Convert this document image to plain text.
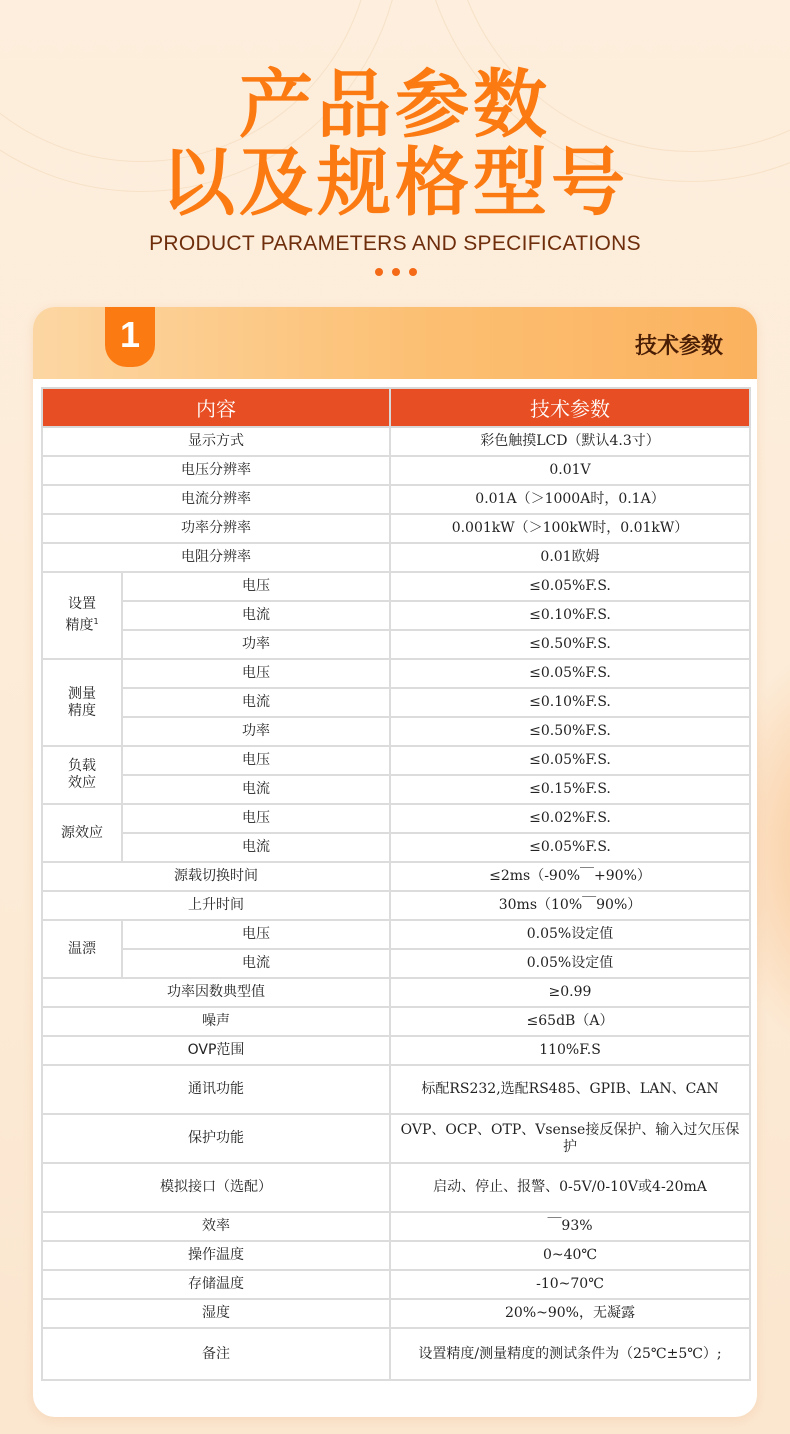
产品参数
以及规格型号
PRODUCT PARAMETERS AND SPECIFICATIONS
1	技术参数
内容		技术参数
显示方式		彩色触摸LCD（默认4.3寸）
电压分辨率		0.01V
电流分辨率		0.01A（＞1000A时，0.1A）
功率分辨率		0.001kW（＞100kW时，0.01kW）
电阻分辨率		0.01欧姆
设置
精度$^1$	电压	≤0.05%F.S.
	电流	≤0.10%F.S.
	功率	≤0.50%F.S.
测量
精度	电压	≤0.05%F.S.
	电流	≤0.10%F.S.
	功率	≤0.50%F.S.
负载
效应	电压	≤0.05%F.S.
	电流	≤0.15%F.S.
源效应	电压	≤0.02%F.S.
	电流	≤0.05%F.S.
源载切换时间		≤2ms（-90%￣+90%）
上升时间		30ms（10%￣90%）
温漂	电压	0.05%设定值
	电流	0.05%设定值
功率因数典型值		≥0.99
噪声		≤65dB（A）
OVP范围		110%F.S
通讯功能		标配RS232,选配RS485、GPIB、LAN、CAN
保护功能		OVP、OCP、OTP、Vsense接反保护、输入过欠压保护
模拟接口（选配）		启动、停止、报警、0-5V/0-10V或4-20mA
效率		￣93%
操作温度		0~40℃
存储温度		-10~70℃
湿度		20%~90%，无凝露
备注		设置精度/测量精度的测试条件为（25℃±5℃）;
